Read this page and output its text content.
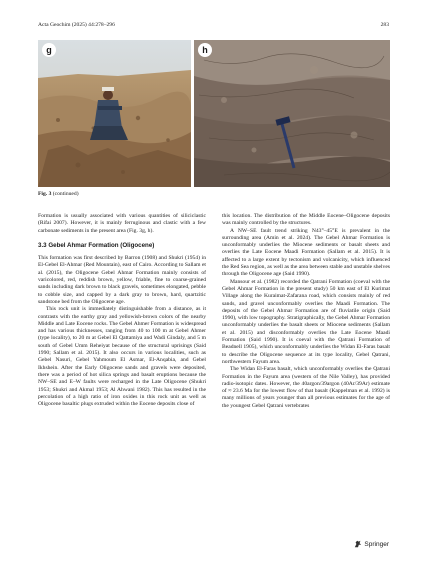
Acta Geochim (2025) 44:278–296	283
g	h
Fig. 3 (continued)

Formation is usually associated with various quantities of siliciclastic (Rifai 2007). However, it is mainly ferruginous and clastic with a few carbonate sediments in the present area (Fig. 3g, h).

3.3 Gebel Ahmar Formation (Oligocene)

This formation was first described by Barron (1908) and Shukri (1954) in El-Gebel El-Ahmar (Red Mountain), east of Cairo. According to Sallam et al. (2015), the Oligocene Gebel Ahmar Formation mainly consists of varicolored, red, reddish brown, yellow, friable, fine to coarse-grained sands including dark brown to black gravels, sometimes elongated, pebble to cobble size, and capped by a dark gray to brown, hard, quartzitic sandstone bed from the Oligocene age.

This rock unit is immediately distinguishable from a distance, as it contrasts with the earthy gray and yellowish-brown colors of the nearby Middle and Late Eocene rocks. The Gebel Ahmer Formation is widespread and has various thicknesses, ranging from 40 to 100 m at Gebel Ahmer (type locality), to 20 m at Gebel El Qattamiya and Wadi Gindaly, and 5 m south of Gebel Umm Reheiyat because of the structural uprisings (Said 1990; Sallam et al. 2015). It also occurs in various localities, such as Gebel Nasuri, Gebel Yahmoum El Asmar, El-Anqabia, and Gebel Ikhshein. After the Early Oligocene sands and gravels were deposited, there was a period of hot silica springs and basalt eruptions because the NW–SE and E–W faults were recharged in the Late Oligocene (Shukri 1953; Shukri and Akmal 1953; Al Ahwani 1982). This has resulted in the percolation of a high ratio of iron oxides in this rock unit as well as Oligocene basaltic plugs extruded within the Eocene deposits close of

this location. The distribution of the Middle Eocene–Oligocene deposits was mainly controlled by the structures.

A NW–SE fault trend striking N43°–45°E is prevalent in the surrounding area (Amin et al. 2024). The Gebel Ahmar Formation is unconformably underlies the Miocene sediments or basalt sheets and overlies the Late Eocene Maadi Formation (Sallam et al. 2015). It is affected to a large extent by tectonism and volcanicity, which influenced the Red Sea region, as well as the area between stable and unstable shelves through the Oligocene age (Said 1990).

Mansour et al. (1982) recorded the Qatrani Formation (coeval with the Gebel Ahmar Formation in the present study) 50 km east of El Kurimat Village along the Kuraimat-Zafarana road, which consists mainly of red sands, and gravel unconformably overlies the Maadi Formation. The deposits of the Gebel Ahmar Formation are of fluviatile origin (Said 1990), with low topography. Stratigraphically, the Gebel Ahmar Formation unconformably underlies the basalt sheets or Miocene sediments (Sallam et al. 2015) and disconformably overlies the Late Eocene Maadi Formation (Said 1990). It is coeval with the Qatrani Formation of Beadnell 1905), which unconformably underlies the Widan El-Faras basalt to describe the Oligocene sequence at its type locality, Gebel Qatrani, northwestern Fayum area.

The Widan El-Faras basalt, which unconformably overlies the Qatrani Formation in the Fayum area (western of the Nile Valley), has provided radio-isotopic dates. However, the 40argon/39argon (40Ar/39Ar) estimate of ≈ 23.6 Ma for the lowest flow of that basalt (Kappelman et al. 1992) is many millions of years younger than all previous estimates for the age of the youngest Gebel Qatrani vertebrates

Springer
